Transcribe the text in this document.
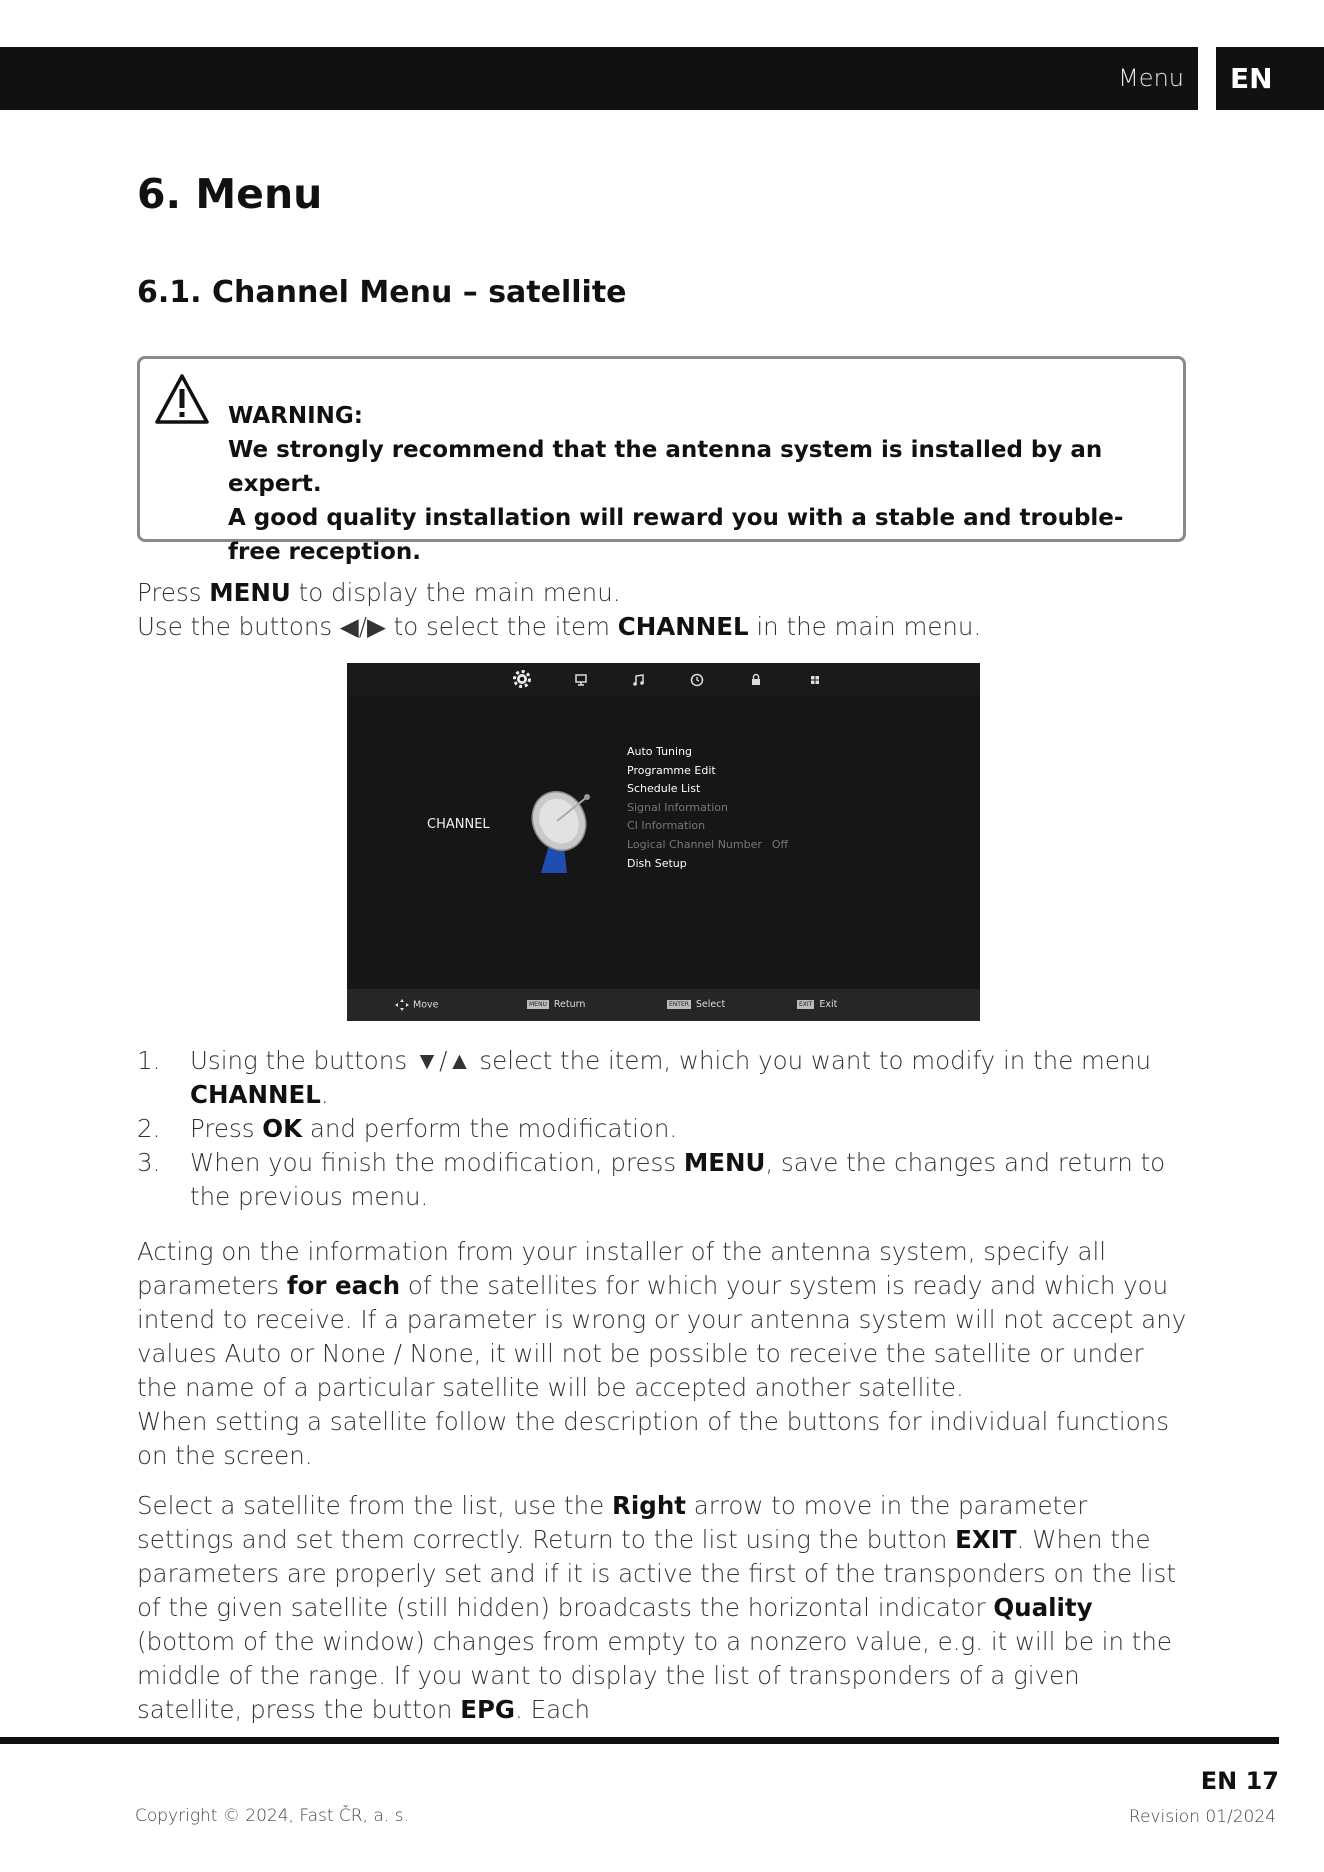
Menu EN
6. Menu
6.1. Channel Menu – satellite
WARNING:
We strongly recommend that the antenna system is installed by an expert.
A good quality installation will reward you with a stable and trouble-free reception.
Press MENU to display the main menu.
Use the buttons ◀/▶ to select the item CHANNEL in the main menu.
CHANNEL
Auto Tuning
Programme Edit
Schedule List
Signal Information
CI Information
Logical Channel Number Off
Dish Setup
Move	MENU Return	ENTER Select	EXIT Exit
1. Using the buttons ▼/▲ select the item, which you want to modify in the menu CHANNEL.
2. Press OK and perform the modification.
3. When you finish the modification, press MENU, save the changes and return to the previous menu.
Acting on the information from your installer of the antenna system, specify all parameters for each of the satellites for which your system is ready and which you intend to receive. If a parameter is wrong or your antenna system will not accept any values Auto or None / None, it will not be possible to receive the satellite or under the name of a particular satellite will be accepted another satellite.
When setting a satellite follow the description of the buttons for individual functions on the screen.
Select a satellite from the list, use the Right arrow to move in the parameter settings and set them correctly. Return to the list using the button EXIT. When the parameters are properly set and if it is active the first of the transponders on the list of the given satellite (still hidden) broadcasts the horizontal indicator Quality (bottom of the window) changes from empty to a nonzero value, e.g. it will be in the middle of the range. If you want to display the list of transponders of a given satellite, press the button EPG. Each
EN 17
Copyright © 2024, Fast ČR, a. s.	Revision 01/2024
